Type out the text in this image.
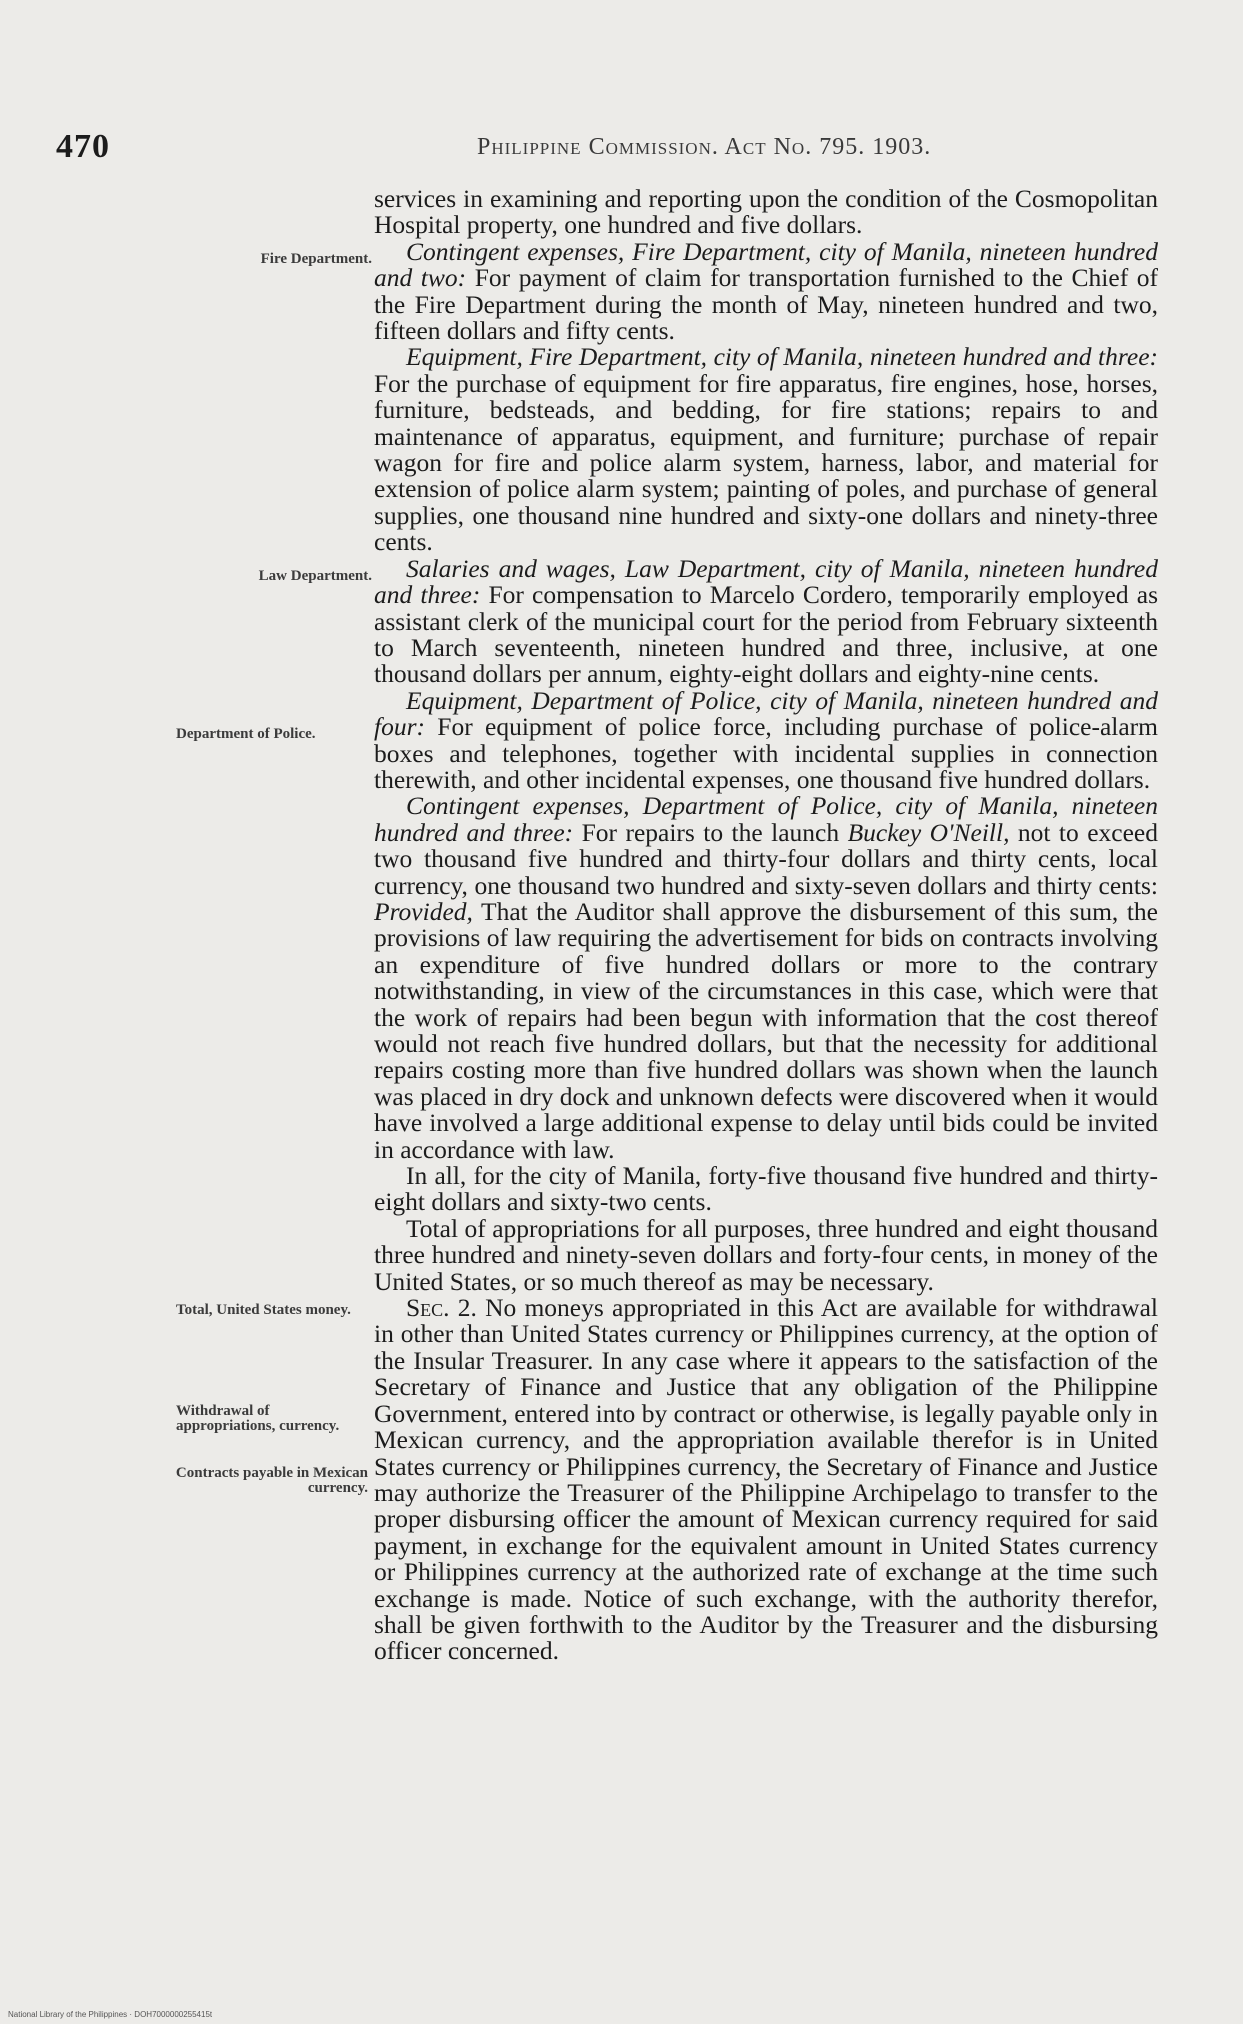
470	Philippine Commission. Act No. 795. 1903.
Fire Department.
Law Department.
Department of Police.
Total, United States money.
Withdrawal of appropriations, currency.
Contracts payable in Mexican currency.

services in examining and reporting upon the condition of the Cosmopolitan Hospital property, one hundred and five dollars.

Contingent expenses, Fire Department, city of Manila, nineteen hundred and two: For payment of claim for transportation furnished to the Chief of the Fire Department during the month of May, nineteen hundred and two, fifteen dollars and fifty cents.

Equipment, Fire Department, city of Manila, nineteen hundred and three: For the purchase of equipment for fire apparatus, fire engines, hose, horses, furniture, bedsteads, and bedding, for fire stations; repairs to and maintenance of apparatus, equipment, and furniture; purchase of repair wagon for fire and police alarm system, harness, labor, and material for extension of police alarm system; painting of poles, and purchase of general supplies, one thousand nine hundred and sixty-one dollars and ninety-three cents.

Salaries and wages, Law Department, city of Manila, nineteen hundred and three: For compensation to Marcelo Cordero, temporarily employed as assistant clerk of the municipal court for the period from February sixteenth to March seventeenth, nineteen hundred and three, inclusive, at one thousand dollars per annum, eighty-eight dollars and eighty-nine cents.

Equipment, Department of Police, city of Manila, nineteen hundred and four: For equipment of police force, including purchase of police-alarm boxes and telephones, together with incidental supplies in connection therewith, and other incidental expenses, one thousand five hundred dollars.

Contingent expenses, Department of Police, city of Manila, nineteen hundred and three: For repairs to the launch Buckey O'Neill, not to exceed two thousand five hundred and thirty-four dollars and thirty cents, local currency, one thousand two hundred and sixty-seven dollars and thirty cents: Provided, That the Auditor shall approve the disbursement of this sum, the provisions of law requiring the advertisement for bids on contracts involving an expenditure of five hundred dollars or more to the contrary notwithstanding, in view of the circumstances in this case, which were that the work of repairs had been begun with information that the cost thereof would not reach five hundred dollars, but that the necessity for additional repairs costing more than five hundred dollars was shown when the launch was placed in dry dock and unknown defects were discovered when it would have involved a large additional expense to delay until bids could be invited in accordance with law.

In all, for the city of Manila, forty-five thousand five hundred and thirty-eight dollars and sixty-two cents.

Total of appropriations for all purposes, three hundred and eight thousand three hundred and ninety-seven dollars and forty-four cents, in money of the United States, or so much thereof as may be necessary.

Sec. 2. No moneys appropriated in this Act are available for withdrawal in other than United States currency or Philippines currency, at the option of the Insular Treasurer. In any case where it appears to the satisfaction of the Secretary of Finance and Justice that any obligation of the Philippine Government, entered into by contract or otherwise, is legally payable only in Mexican currency, and the appropriation available therefor is in United States currency or Philippines currency, the Secretary of Finance and Justice may authorize the Treasurer of the Philippine Archipelago to transfer to the proper disbursing officer the amount of Mexican currency required for said payment, in exchange for the equivalent amount in United States currency or Philippines currency at the authorized rate of exchange at the time such exchange is made. Notice of such exchange, with the authority therefor, shall be given forthwith to the Auditor by the Treasurer and the disbursing officer concerned.

National Library of the Philippines · DOH7000000255415t
